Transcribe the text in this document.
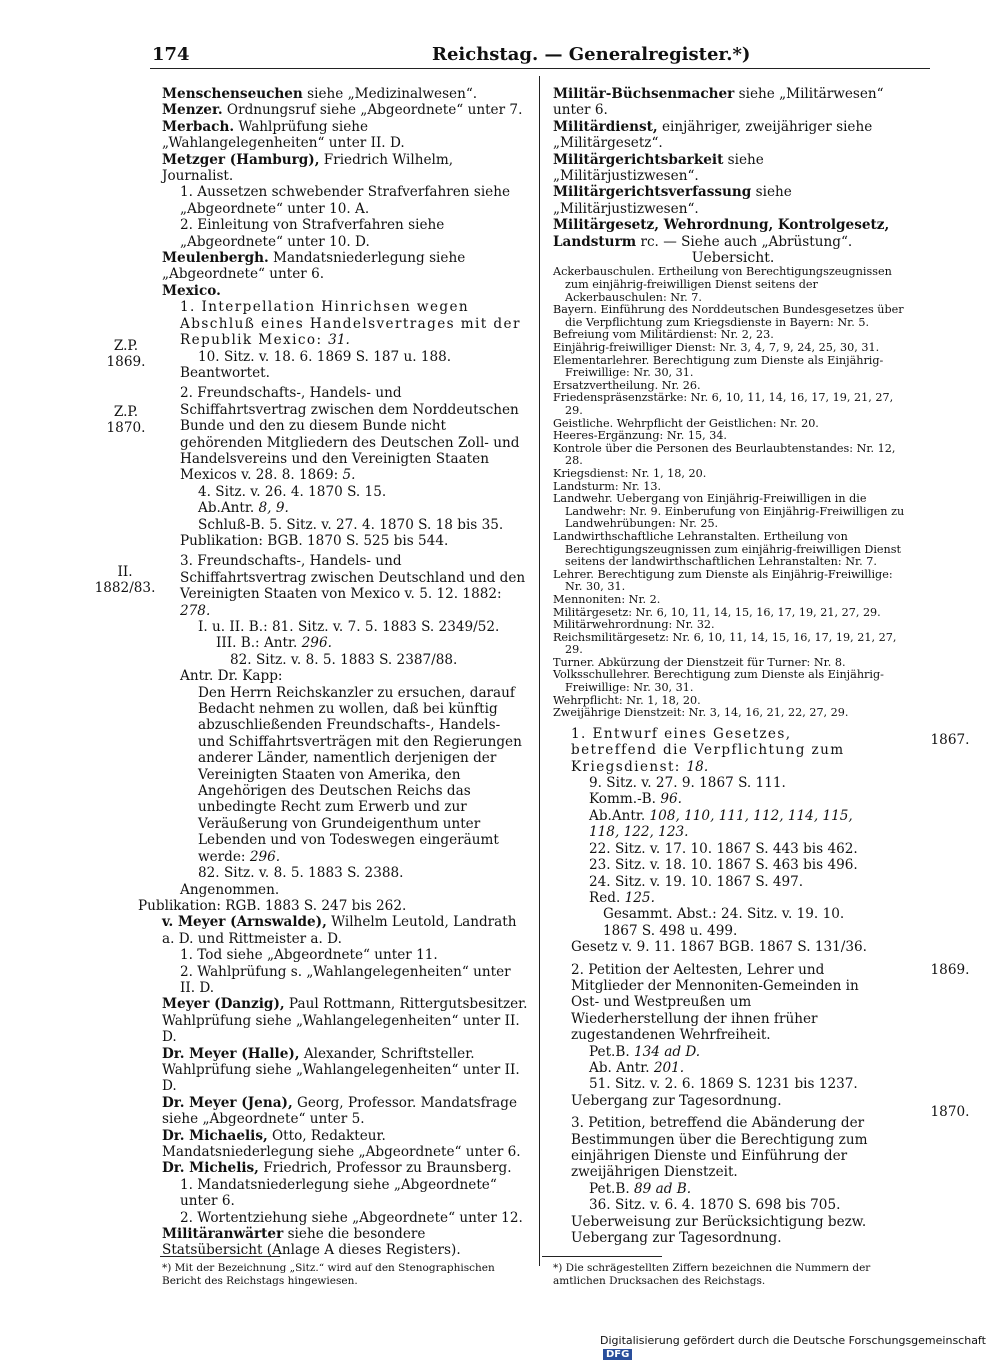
174	Reichstag. — Generalregister.*)

Menschenseuchen siehe „Medizinalwesen“.

Menzer. Ordnungsruf siehe „Abgeordnete“ unter 7.

Merbach. Wahlprüfung siehe „Wahlangelegenheiten“ unter II. D.

Metzger (Hamburg), Friedrich Wilhelm, Journalist.

1. Aussetzen schwebender Strafverfahren siehe „Abgeordnete“ unter 10. A.

2. Einleitung von Strafverfahren siehe „Abgeordnete“ unter 10. D.

Meulenbergh. Mandatsniederlegung siehe „Abgeordnete“ unter 6.

Mexico.

1. Interpellation Hinrichsen wegen Abschluß eines Handelsvertrages mit der Republik Mexico: 31.

10. Sitz. v. 18. 6. 1869 S. 187 u. 188.

Beantwortet.

2. Freundschafts-, Handels- und Schiffahrtsvertrag zwischen dem Norddeutschen Bunde und den zu diesem Bunde nicht gehörenden Mitgliedern des Deutschen Zoll- und Handelsvereins und den Vereinigten Staaten Mexicos v. 28. 8. 1869: 5.

4. Sitz. v. 26. 4. 1870 S. 15.

Ab.Antr. 8, 9.

Schluß-B. 5. Sitz. v. 27. 4. 1870 S. 18 bis 35.

Publikation: BGB. 1870 S. 525 bis 544.

3. Freundschafts-, Handels- und Schiffahrtsvertrag zwischen Deutschland und den Vereinigten Staaten von Mexico v. 5. 12. 1882: 278.

I. u. II. B.: 81. Sitz. v. 7. 5. 1883 S. 2349/52.

III. B.: Antr. 296.

82. Sitz. v. 8. 5. 1883 S. 2387/88.

Antr. Dr. Kapp:

Den Herrn Reichskanzler zu ersuchen, darauf Bedacht nehmen zu wollen, daß bei künftig abzuschließenden Freundschafts-, Handels- und Schiffahrtsverträgen mit den Regierungen anderer Länder, namentlich derjenigen der Vereinigten Staaten von Amerika, den Angehörigen des Deutschen Reichs das unbedingte Recht zum Erwerb und zur Veräußerung von Grundeigenthum unter Lebenden und von Todeswegen eingeräumt werde: 296.

82. Sitz. v. 8. 5. 1883 S. 2388.

Angenommen.

Publikation: RGB. 1883 S. 247 bis 262.

v. Meyer (Arnswalde), Wilhelm Leutold, Landrath a. D. und Rittmeister a. D.

1. Tod siehe „Abgeordnete“ unter 11.

2. Wahlprüfung s. „Wahlangelegenheiten“ unter II. D.

Meyer (Danzig), Paul Rottmann, Rittergutsbesitzer. Wahlprüfung siehe „Wahlangelegenheiten“ unter II. D.

Dr. Meyer (Halle), Alexander, Schriftsteller. Wahlprüfung siehe „Wahlangelegenheiten“ unter II. D.

Dr. Meyer (Jena), Georg, Professor. Mandatsfrage siehe „Abgeordnete“ unter 5.

Dr. Michaelis, Otto, Redakteur. Mandatsniederlegung siehe „Abgeordnete“ unter 6.

Dr. Michelis, Friedrich, Professor zu Braunsberg.

1. Mandatsniederlegung siehe „Abgeordnete“ unter 6.

2. Wortentziehung siehe „Abgeordnete“ unter 12.

Militäranwärter siehe die besondere Statsübersicht (Anlage A dieses Registers).

Z.P.
1869.
Z.P.
1870.
II.
1882/83.
*) Mit der Bezeichnung „Sitz.“ wird auf den Stenographischen Bericht des Reichstags hingewiesen.

Militär-Büchsenmacher siehe „Militärwesen“ unter 6.

Militärdienst, einjähriger, zweijähriger siehe „Militärgesetz“.

Militärgerichtsbarkeit siehe „Militärjustizwesen“.

Militärgerichtsverfassung siehe „Militärjustizwesen“.

Militärgesetz, Wehrordnung, Kontrolgesetz, Landsturm rc. — Siehe auch „Abrüstung“.

Uebersicht.

Ackerbauschulen. Ertheilung von Berechtigungszeugnissen zum einjährig-freiwilligen Dienst seitens der Ackerbauschulen: Nr. 7.

Bayern. Einführung des Norddeutschen Bundesgesetzes über die Verpflichtung zum Kriegsdienste in Bayern: Nr. 5.

Befreiung vom Militärdienst: Nr. 2, 23.

Einjährig-freiwilliger Dienst: Nr. 3, 4, 7, 9, 24, 25, 30, 31.

Elementarlehrer. Berechtigung zum Dienste als Einjährig-Freiwillige: Nr. 30, 31.

Ersatzvertheilung. Nr. 26.

Friedenspräsenzstärke: Nr. 6, 10, 11, 14, 16, 17, 19, 21, 27, 29.

Geistliche. Wehrpflicht der Geistlichen: Nr. 20.

Heeres-Ergänzung: Nr. 15, 34.

Kontrole über die Personen des Beurlaubtenstandes: Nr. 12, 28.

Kriegsdienst: Nr. 1, 18, 20.

Landsturm: Nr. 13.

Landwehr. Uebergang von Einjährig-Freiwilligen in die Landwehr: Nr. 9. Einberufung von Einjährig-Freiwilligen zu Landwehrübungen: Nr. 25.

Landwirthschaftliche Lehranstalten. Ertheilung von Berechtigungszeugnissen zum einjährig-freiwilligen Dienst seitens der landwirthschaftlichen Lehranstalten: Nr. 7.

Lehrer. Berechtigung zum Dienste als Einjährig-Freiwillige: Nr. 30, 31.

Mennoniten: Nr. 2.

Militärgesetz: Nr. 6, 10, 11, 14, 15, 16, 17, 19, 21, 27, 29.

Militärwehrordnung: Nr. 32.

Reichsmilitärgesetz: Nr. 6, 10, 11, 14, 15, 16, 17, 19, 21, 27, 29.

Turner. Abkürzung der Dienstzeit für Turner: Nr. 8.

Volksschullehrer. Berechtigung zum Dienste als Einjährig-Freiwillige: Nr. 30, 31.

Wehrpflicht: Nr. 1, 18, 20.

Zweijährige Dienstzeit: Nr. 3, 14, 16, 21, 22, 27, 29.

1. Entwurf eines Gesetzes, betreffend die Verpflichtung zum Kriegsdienst: 18.

9. Sitz. v. 27. 9. 1867 S. 111.

Komm.-B. 96.

Ab.Antr. 108, 110, 111, 112, 114, 115, 118, 122, 123.

22. Sitz. v. 17. 10. 1867 S. 443 bis 462.

23. Sitz. v. 18. 10. 1867 S. 463 bis 496.

24. Sitz. v. 19. 10. 1867 S. 497.

Red. 125.

Gesammt. Abst.: 24. Sitz. v. 19. 10. 1867 S. 498 u. 499.

Gesetz v. 9. 11. 1867 BGB. 1867 S. 131/36.

2. Petition der Aeltesten, Lehrer und Mitglieder der Mennoniten-Gemeinden in Ost- und Westpreußen um Wiederherstellung der ihnen früher zugestandenen Wehrfreiheit.

Pet.B. 134 ad D.

Ab. Antr. 201.

51. Sitz. v. 2. 6. 1869 S. 1231 bis 1237.

Uebergang zur Tagesordnung.

3. Petition, betreffend die Abänderung der Bestimmungen über die Berechtigung zum einjährigen Dienste und Einführung der zweijährigen Dienstzeit.

Pet.B. 89 ad B.

36. Sitz. v. 6. 4. 1870 S. 698 bis 705.

Ueberweisung zur Berücksichtigung bezw. Uebergang zur Tagesordnung.

1867.
1869.
1870.
*) Die schrägestellten Ziffern bezeichnen die Nummern der amtlichen Drucksachen des Reichstags.
Digitalisierung gefördert durch die Deutsche ForschungsgemeinschaftDFG
